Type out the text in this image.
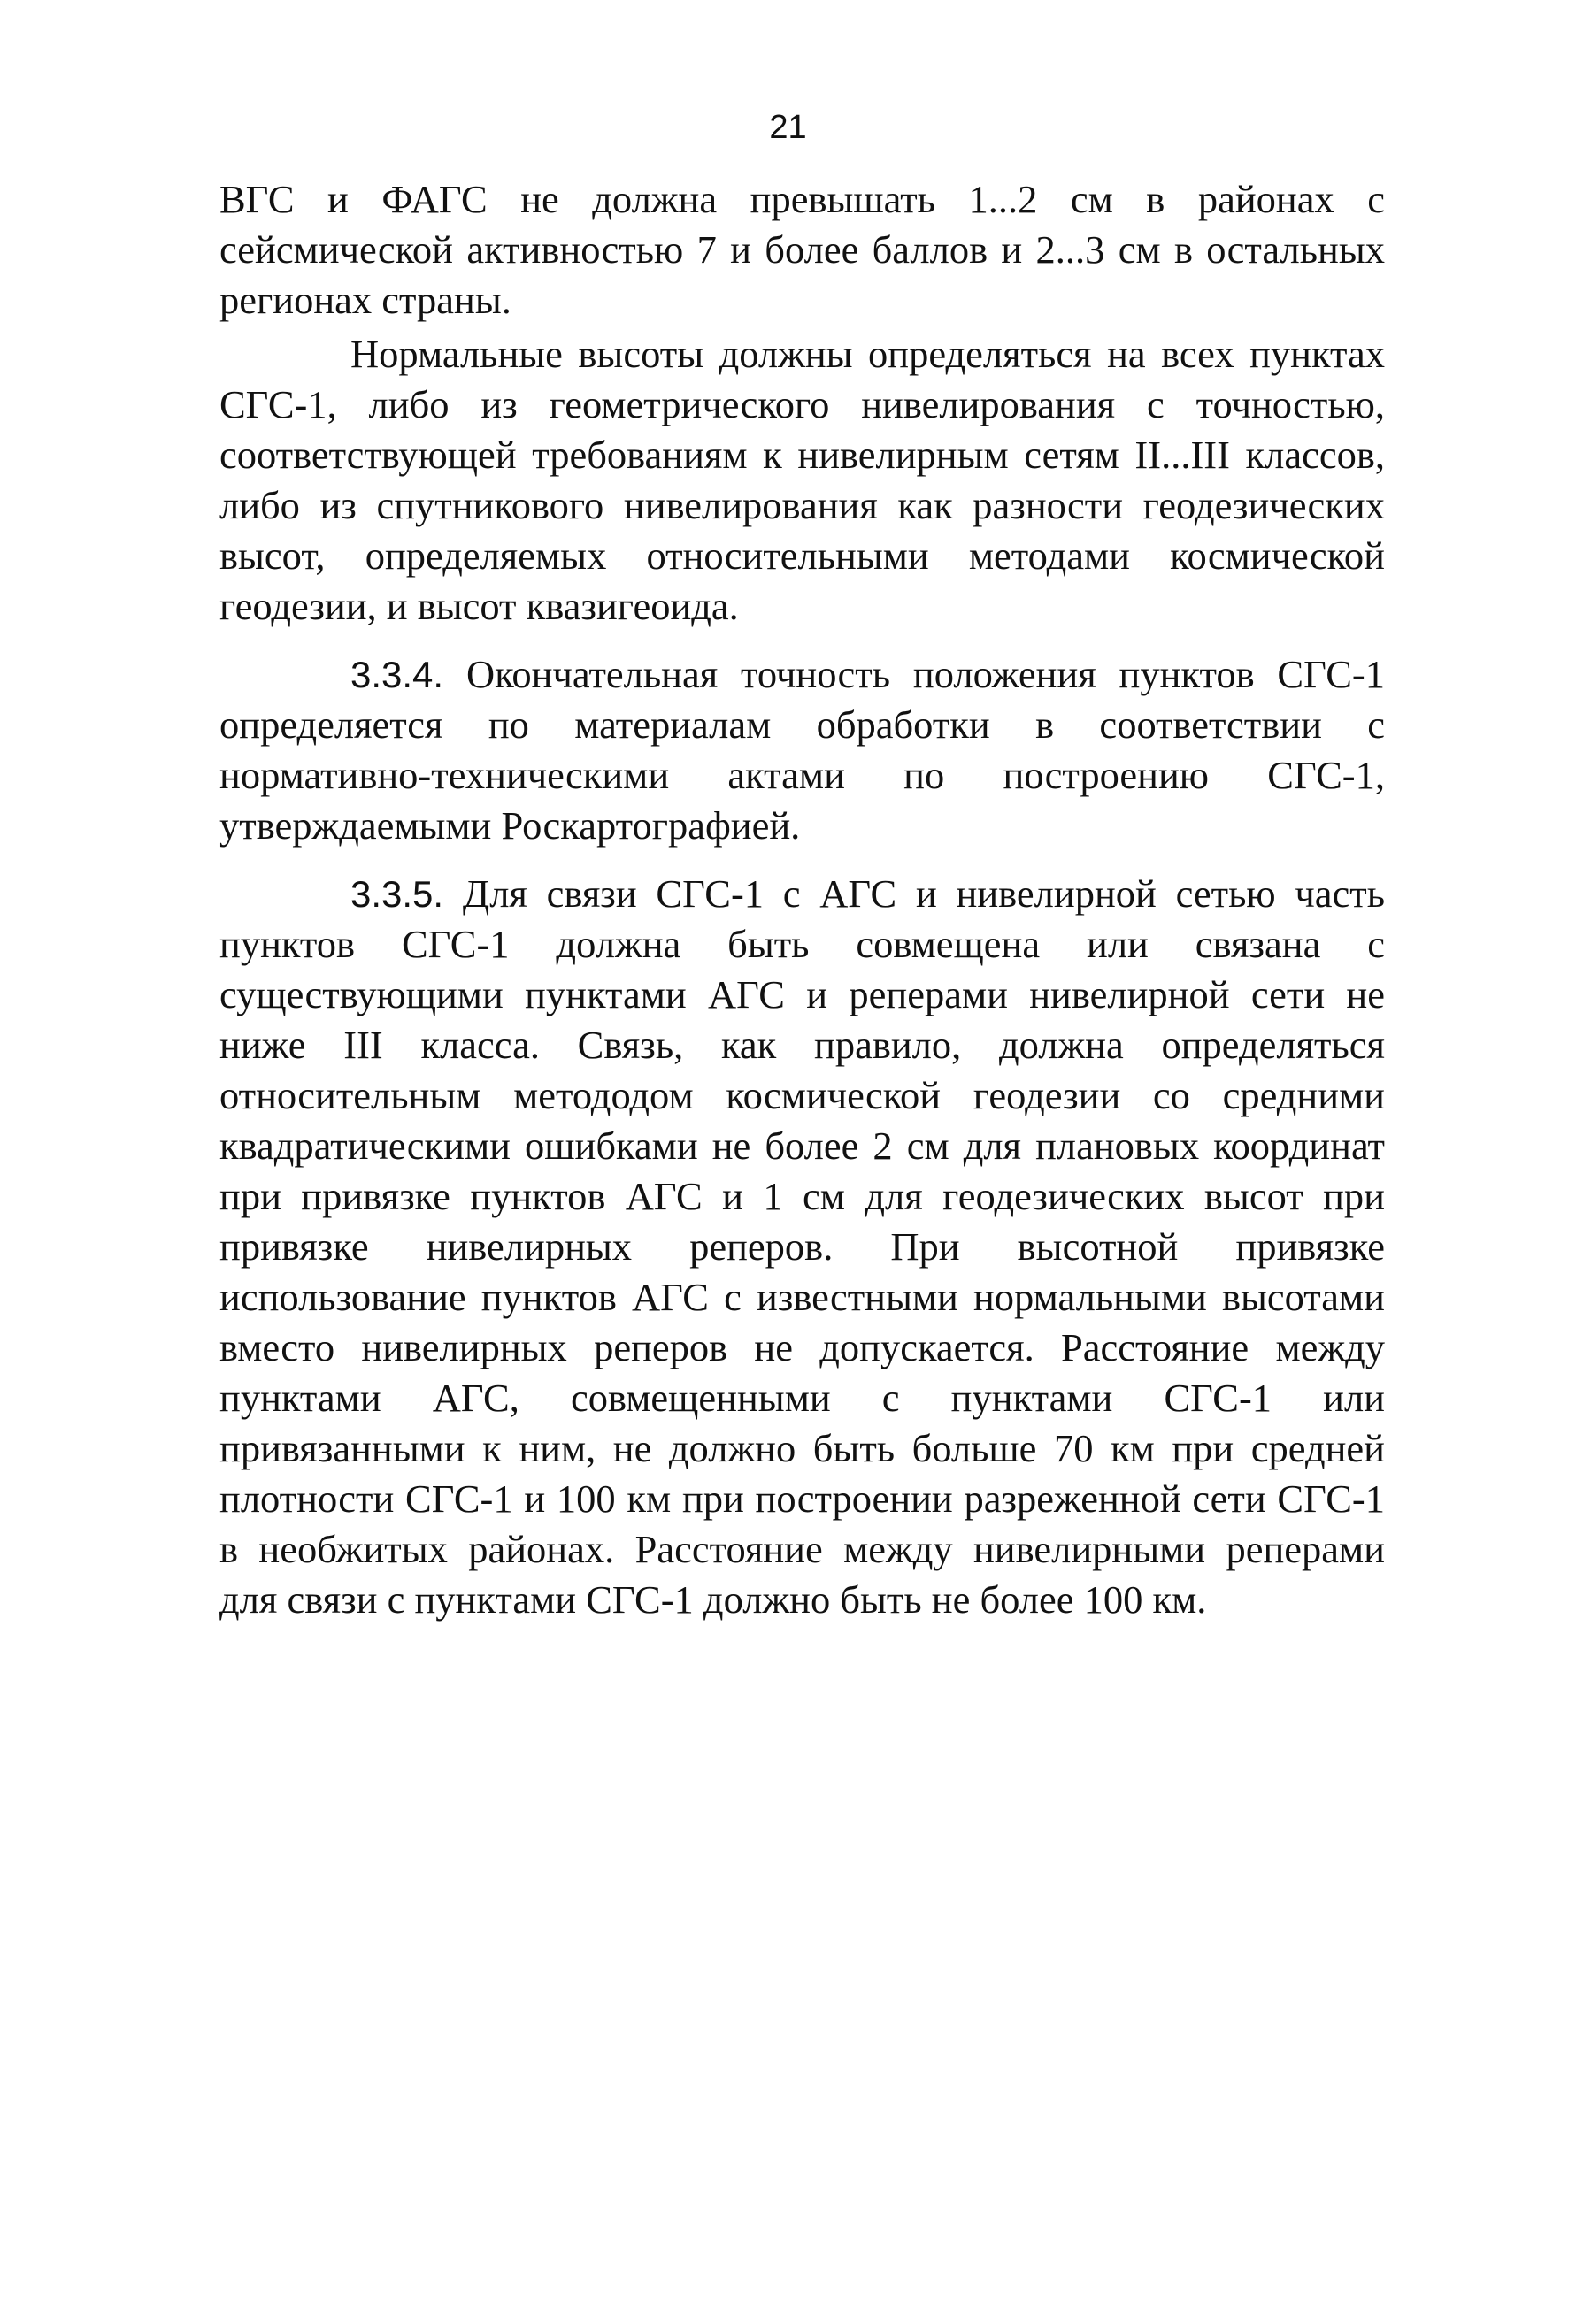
21

ВГС и ФАГС не должна превышать 1...2 см в районах с сейсмической активностью 7 и более баллов и 2...3 см в остальных регионах страны.

Нормальные высоты должны определяться на всех пунктах СГС-1, либо из геометрического нивелирования с точностью, соответствующей требованиям к нивелирным сетям II...III классов, либо из спутникового нивелирования как разности геодезических высот, определяемых относительными методами космической геодезии, и высот квазигеоида.

3.3.4. Окончательная точность положения пунктов СГС-1 определяется по материалам обработки в соответствии с нормативно-техническими актами по построению СГС-1, утверждаемыми Роскартографией.

3.3.5. Для связи СГС-1 с АГС и нивелирной сетью часть пунктов СГС-1 должна быть совмещена или связана с существующими пунктами АГС и реперами нивелирной сети не ниже III класса. Связь, как правило, должна определяться относительным метододом космической геодезии со средними квадратическими ошибками не более 2 см для плановых координат при привязке пунктов АГС и 1 см для геодезических высот при привязке нивелирных реперов. При высотной привязке использование пунктов АГС с известными нормальными высотами вместо нивелирных реперов не допускается. Расстояние между пунктами АГС, совмещенными с пунктами СГС-1 или привязанными к ним, не должно быть больше 70 км при средней плотности СГС-1 и 100 км при построении разреженной сети СГС-1 в необжитых районах. Расстояние между нивелирными реперами для связи с пунктами СГС-1 должно быть не более 100 км.
